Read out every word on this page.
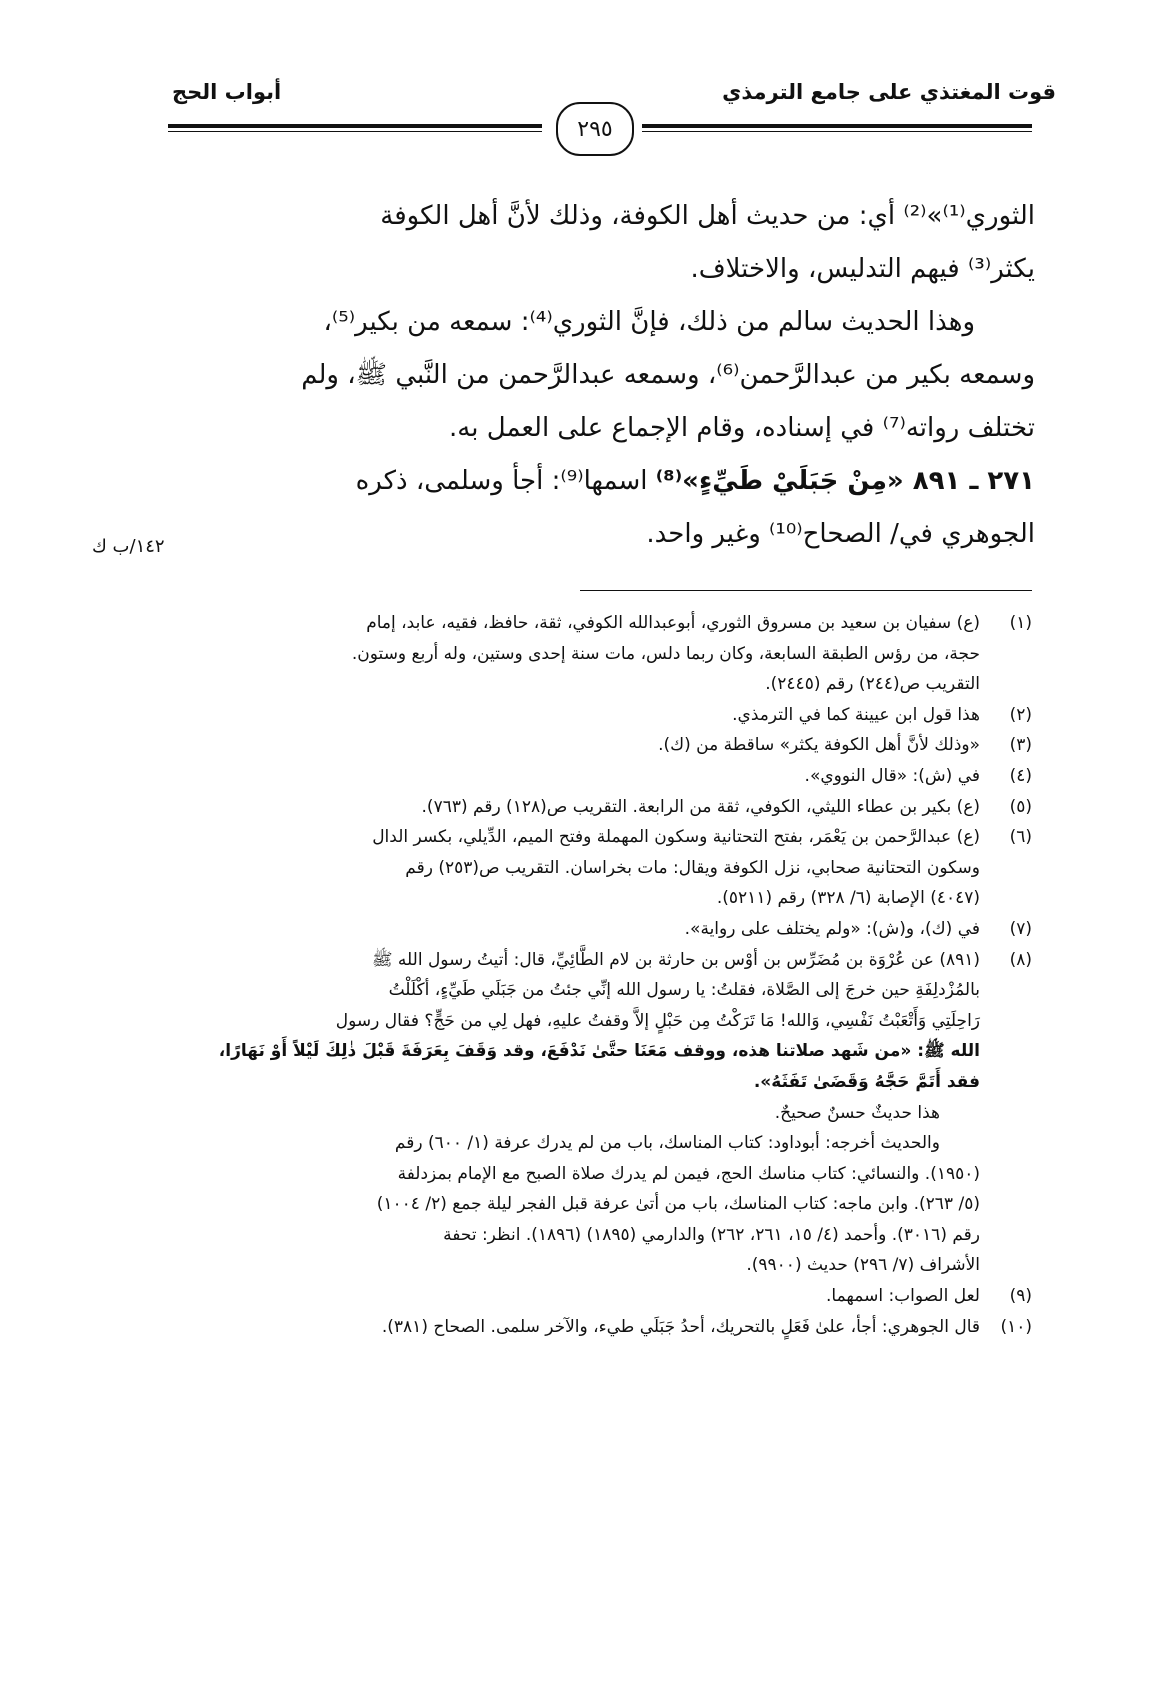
قوت المغتذي على جامع الترمذي
أبواب الحج
٢٩٥
الثوري⁽¹⁾»⁽²⁾ أي: من حديث أهل الكوفة، وذلك لأنَّ أهل الكوفة
يكثر⁽³⁾ فيهم التدليس، والاختلاف.
وهذا الحديث سالم من ذلك، فإنَّ الثوري⁽⁴⁾: سمعه من بكير⁽⁵⁾،
وسمعه بكير من عبدالرَّحمن⁽⁶⁾، وسمعه عبدالرَّحمن من النَّبي ﷺ، ولم
تختلف رواته⁽⁷⁾ في إسناده، وقام الإجماع على العمل به.
٢٧١ ـ ٨٩١ «مِنْ جَبَلَيْ طَيِّءٍ»⁽⁸⁾ اسمها⁽⁹⁾: أجأ وسلمى، ذكره
الجوهري في/ الصحاح⁽¹⁰⁾ وغير واحد.
١٤٢/ب ك
(١)
(ع) سفيان بن سعيد بن مسروق الثوري، أبوعبدالله الكوفي، ثقة، حافظ، فقيه، عابد، إمام
حجة، من رؤس الطبقة السابعة، وكان ربما دلس، مات سنة إحدى وستين، وله أربع وستون.
التقريب ص(٢٤٤) رقم (٢٤٤٥).
(٢)
هذا قول ابن عيينة كما في الترمذي.
(٣)
«وذلك لأنَّ أهل الكوفة يكثر» ساقطة من (ك).
(٤)
في (ش): «قال النووي».
(٥)
(ع) بكير بن عطاء الليثي، الكوفي، ثقة من الرابعة. التقريب ص(١٢٨) رقم (٧٦٣).
(٦)
(ع) عبدالرَّحمن بن يَعْمَر، بفتح التحتانية وسكون المهملة وفتح الميم، الدِّيلي، بكسر الدال
وسكون التحتانية صحابي، نزل الكوفة ويقال: مات بخراسان. التقريب ص(٢٥٣) رقم
(٤٠٤٧) الإصابة (٦/ ٣٢٨) رقم (٥٢١١).
(٧)
في (ك)، و(ش): «ولم يختلف على رواية».
(٨)
(٨٩١) عن عُرْوَة بن مُضَرِّس بن أوْس بن حارثة بن لام الطَّائِيِّ، قال: أتيتُ رسول الله ﷺ
بالمُزْدلِفَةِ حين خرجَ إلى الصَّلاة، فقلتُ: يا رسول الله إنِّي جئتُ من جَبَلَي طَيِّءٍ، أكْلَلْتُ
رَاحِلَتِي وَأَتْعَبْتُ نَفْسِي، وَالله! مَا تَرَكْتُ مِن حَبْلٍ إلاَّ وقفتُ عليهِ، فهل لِي من حَجٍّ؟ فقال رسول
الله ﷺ: «من شَهد صلاتنا هذه، ووقف مَعَنَا حتَّىٰ نَدْفَعَ، وقد وَقَفَ بِعَرَفَةَ قَبْلَ ذٰلِكَ لَيْلاً أَوْ نَهَارًا،
فقد أَتَمَّ حَجَّهُ وَقَضَىٰ تَفَثَهُ».
هذا حديثٌ حسنٌ صحيحٌ.
والحديث أخرجه: أبوداود: كتاب المناسك، باب من لم يدرك عرفة (١/ ٦٠٠) رقم
(١٩٥٠). والنسائي: كتاب مناسك الحج، فيمن لم يدرك صلاة الصبح مع الإمام بمزدلفة
(٥/ ٢٦٣). وابن ماجه: كتاب المناسك، باب من أتىٰ عرفة قبل الفجر ليلة جمع (٢/ ١٠٠٤)
رقم (٣٠١٦). وأحمد (٤/ ١٥، ٢٦١، ٢٦٢) والدارمي (١٨٩٥) (١٨٩٦). انظر: تحفة
الأشراف (٧/ ٢٩٦) حديث (٩٩٠٠).
(٩)
لعل الصواب: اسمهما.
(١٠)
قال الجوهري: أجأ، علىٰ فَعَلٍ بالتحريك، أحدُ جَبَلَي طيء، والآخر سلمى. الصحاح (٣٨١).
